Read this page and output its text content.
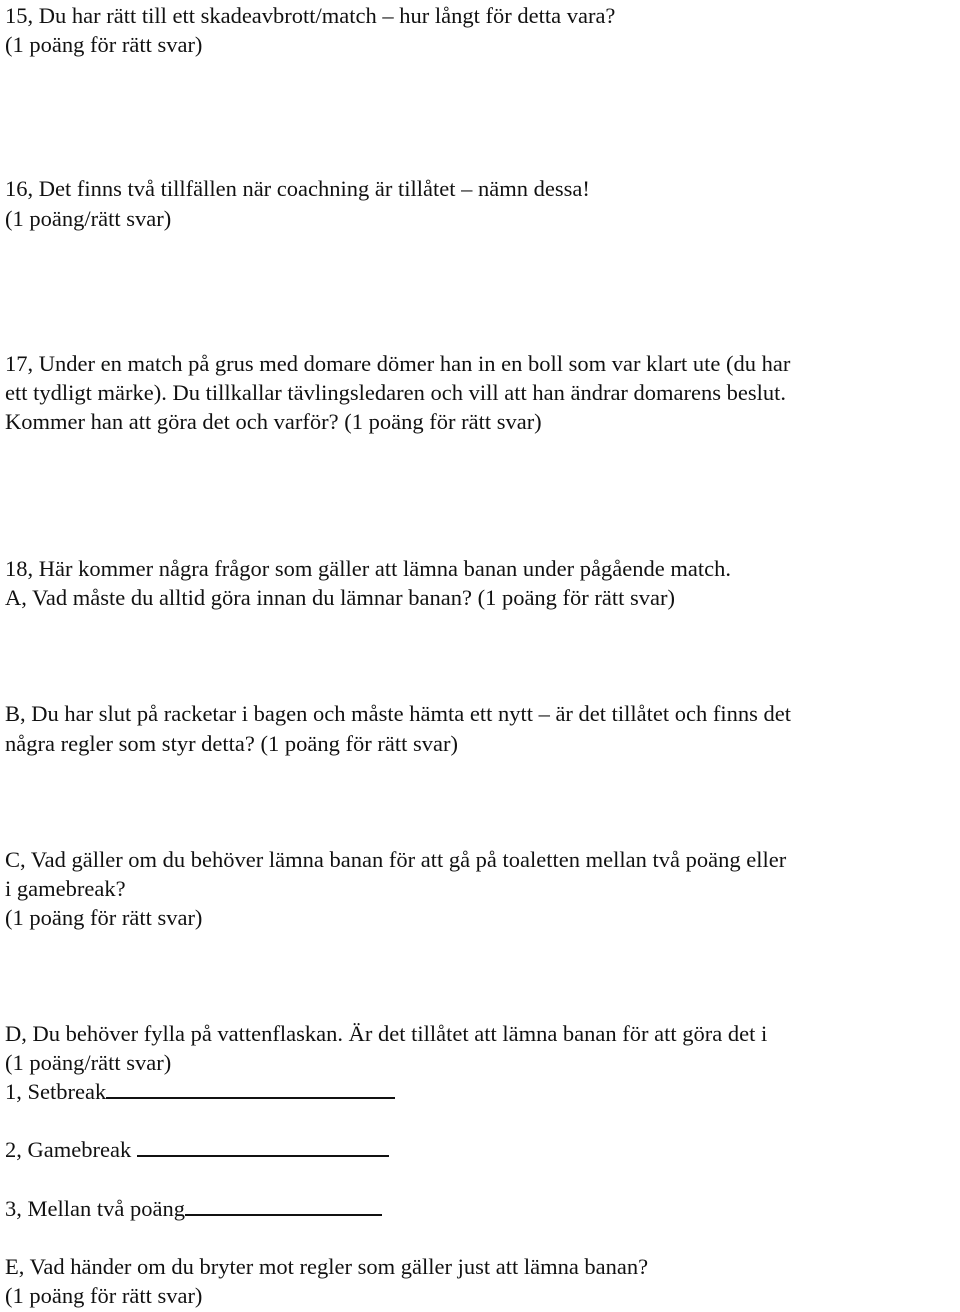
15, Du har rätt till ett skadeavbrott/match – hur långt för detta vara?
(1 poäng för rätt svar)
16, Det finns två tillfällen när coachning är tillåtet – nämn dessa!
(1 poäng/rätt svar)
17, Under en match på grus med domare dömer han in en boll som var klart ute (du har
ett tydligt märke). Du tillkallar tävlingsledaren och vill att han ändrar domarens beslut.
Kommer han att göra det och varför? (1 poäng för rätt svar)
18, Här kommer några frågor som gäller att lämna banan under pågående match.
A, Vad måste du alltid göra innan du lämnar banan? (1 poäng för rätt svar)
B, Du har slut på racketar i bagen och måste hämta ett nytt – är det tillåtet och finns det
några regler som styr detta? (1 poäng för rätt svar)
C, Vad gäller om du behöver lämna banan för att gå på toaletten mellan två poäng eller
i gamebreak?
(1 poäng för rätt svar)
D, Du behöver fylla på vattenflaskan. Är det tillåtet att lämna banan för att göra det i
(1 poäng/rätt svar)
1, Setbreak
2, Gamebreak
3, Mellan två poäng
E, Vad händer om du bryter mot regler som gäller just att lämna banan?
(1 poäng för rätt svar)
